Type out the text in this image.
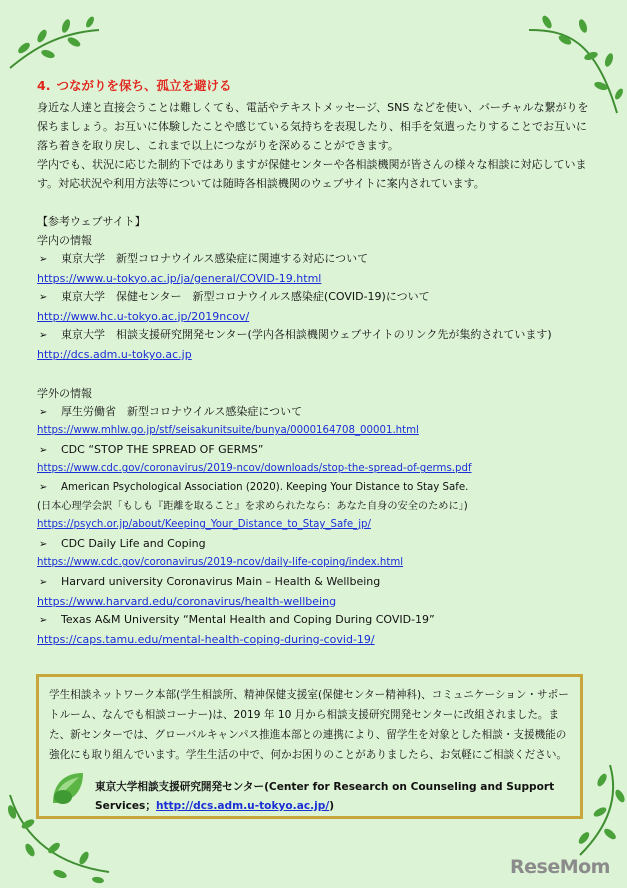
4. つながりを保ち、孤立を避ける

身近な人達と直接会うことは難しくても、電話やテキストメッセージ、SNS などを使い、バーチャルな繋がりを保ちましょう。お互いに体験したことや感じている気持ちを表現したり、相手を気遣ったりすることでお互いに落ち着きを取り戻し、これまで以上につながりを深めることができます。

学内でも、状況に応じた制約下ではありますが保健センターや各相談機関が皆さんの様々な相談に対応しています。対応状況や利用方法等については随時各相談機関のウェブサイトに案内されています。

【参考ウェブサイト】
学内の情報
➢	東京大学　新型コロナウイルス感染症に関連する対応について
https://www.u-tokyo.ac.jp/ja/general/COVID-19.html
➢	東京大学　保健センター　新型コロナウイルス感染症(COVID-19)について
http://www.hc.u-tokyo.ac.jp/2019ncov/
➢	東京大学　相談支援研究開発センター(学内各相談機関ウェブサイトのリンク先が集約されています)
http://dcs.adm.u-tokyo.ac.jp
学外の情報
➢	厚生労働省　新型コロナウイルス感染症について
https://www.mhlw.go.jp/stf/seisakunitsuite/bunya/0000164708_00001.html
➢	CDC “STOP THE SPREAD OF GERMS”
https://www.cdc.gov/coronavirus/2019-ncov/downloads/stop-the-spread-of-germs.pdf
➢	American Psychological Association (2020). Keeping Your Distance to Stay Safe.
(日本心理学会訳「もしも『距離を取ること』を求められたなら：あなた自身の安全のために」)
https://psych.or.jp/about/Keeping_Your_Distance_to_Stay_Safe_jp/
➢	CDC Daily Life and Coping
https://www.cdc.gov/coronavirus/2019-ncov/daily-life-coping/index.html
➢	Harvard university Coronavirus Main – Health & Wellbeing
https://www.harvard.edu/coronavirus/health-wellbeing
➢	Texas A&M University “Mental Health and Coping During COVID-19”
https://caps.tamu.edu/mental-health-coping-during-covid-19/
学生相談ネットワーク本部(学生相談所、精神保健支援室(保健センター精神科)、コミュニケーション・サポートルーム、なんでも相談コーナー)は、2019 年 10 月から相談支援研究開発センターに改組されました。また、新センターでは、グローバルキャンパス推進本部との連携により、留学生を対象とした相談・支援機能の強化にも取り組んでいます。学生生活の中で、何かお困りのことがありましたら、お気軽にご相談ください。
東京大学相談支援研究開発センター(Center for Research on Counseling and Support Services；http://dcs.adm.u-tokyo.ac.jp/)
ReseMom
